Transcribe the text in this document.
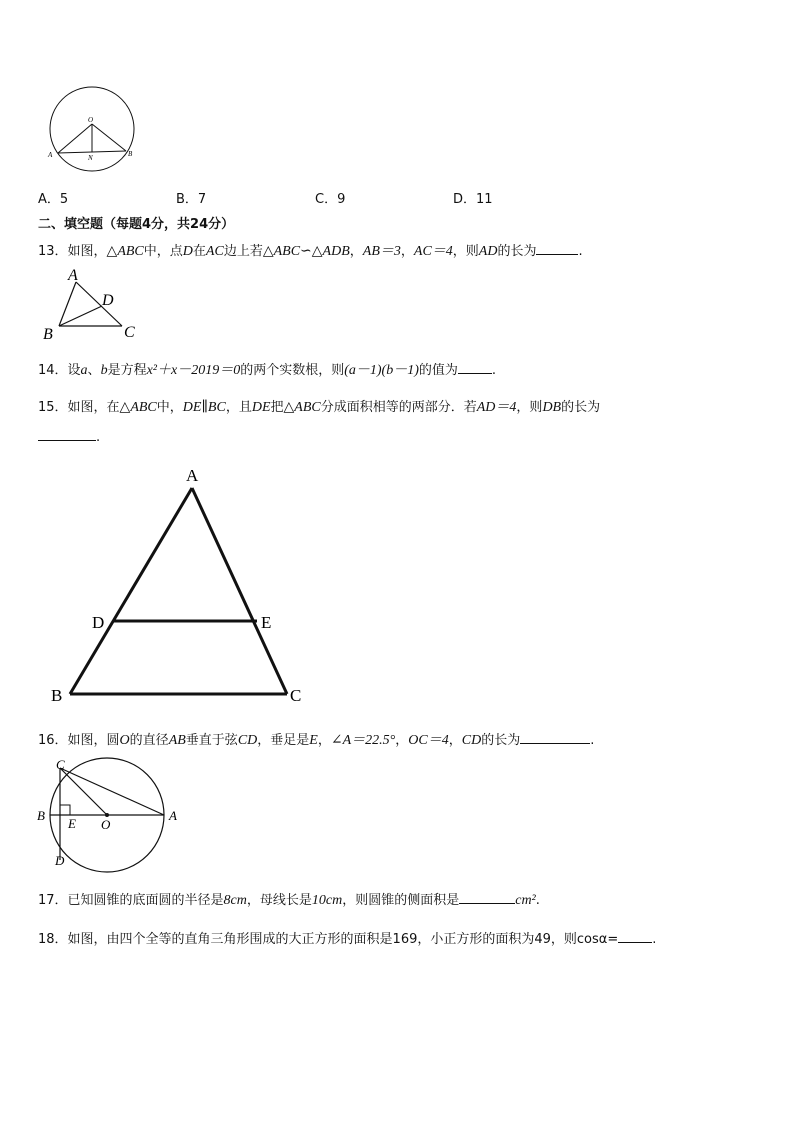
O
A	N	B
A．5	B．7	C．9	D．11
二、填空题（每题4分，共24分）
13．如图，△ABC中，点D在AC边上若△ABC∽△ADB，AB＝3，AC＝4，则AD的长为	.
A
D
B	C
14．设a、b是方程x²＋x－2019＝0的两个实数根，则(a－1)(b－1)的值为	.
15．如图，在△ABC中，DE∥BC，且DE把△ABC分成面积相等的两部分．若AD＝4，则DB的长为
.
A
D	E
B	C
16．如图，圆O的直径AB垂直于弦CD，垂足是E，∠A＝22.5°，OC＝4，CD的长为	.
C
B
E O
A
D
17．已知圆锥的底面圆的半径是8cm，母线长是10cm，则圆锥的侧面积是	cm².
18．如图，由四个全等的直角三角形围成的大正方形的面积是169，小正方形的面积为49，则cosα=	.
